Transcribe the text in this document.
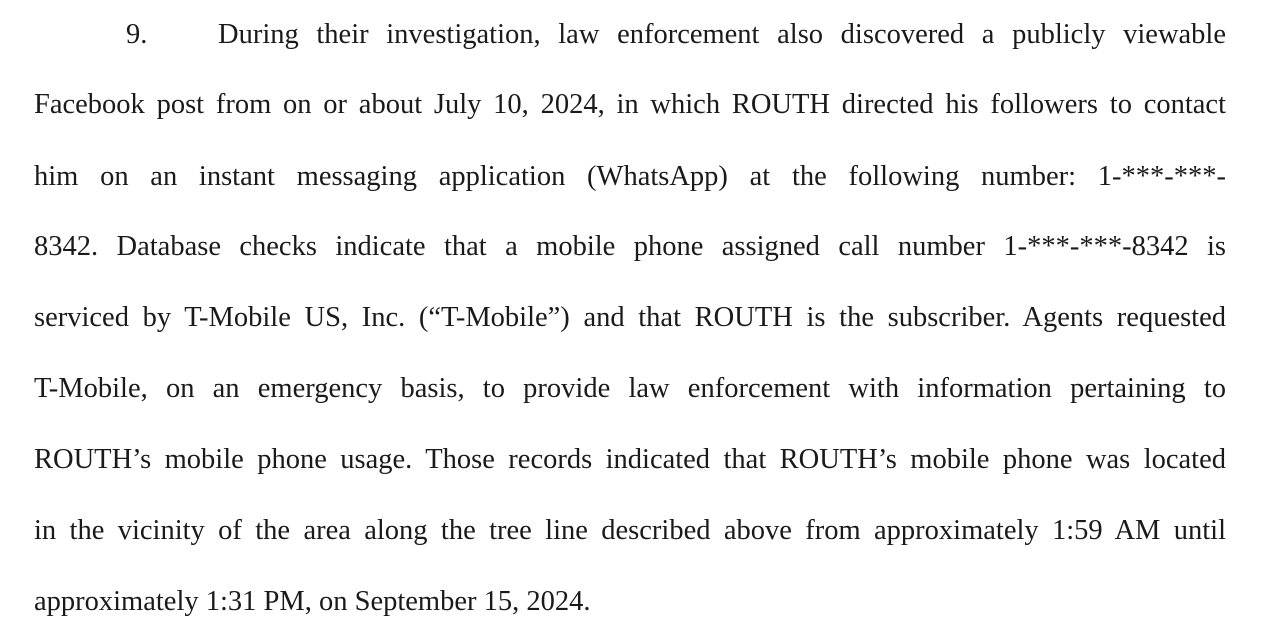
9. During their investigation, law enforcement also discovered a publicly viewable
Facebook post from on or about July 10, 2024, in which ROUTH directed his followers to contact
him on an instant messaging application (WhatsApp) at the following number: 1-***-***-
8342. Database checks indicate that a mobile phone assigned call number 1-***-***-8342 is
serviced by T-Mobile US, Inc. (“T-Mobile”) and that ROUTH is the subscriber. Agents requested
T-Mobile, on an emergency basis, to provide law enforcement with information pertaining to
ROUTH’s mobile phone usage. Those records indicated that ROUTH’s mobile phone was located
in the vicinity of the area along the tree line described above from approximately 1:59 AM until
approximately 1:31 PM, on September 15, 2024.
